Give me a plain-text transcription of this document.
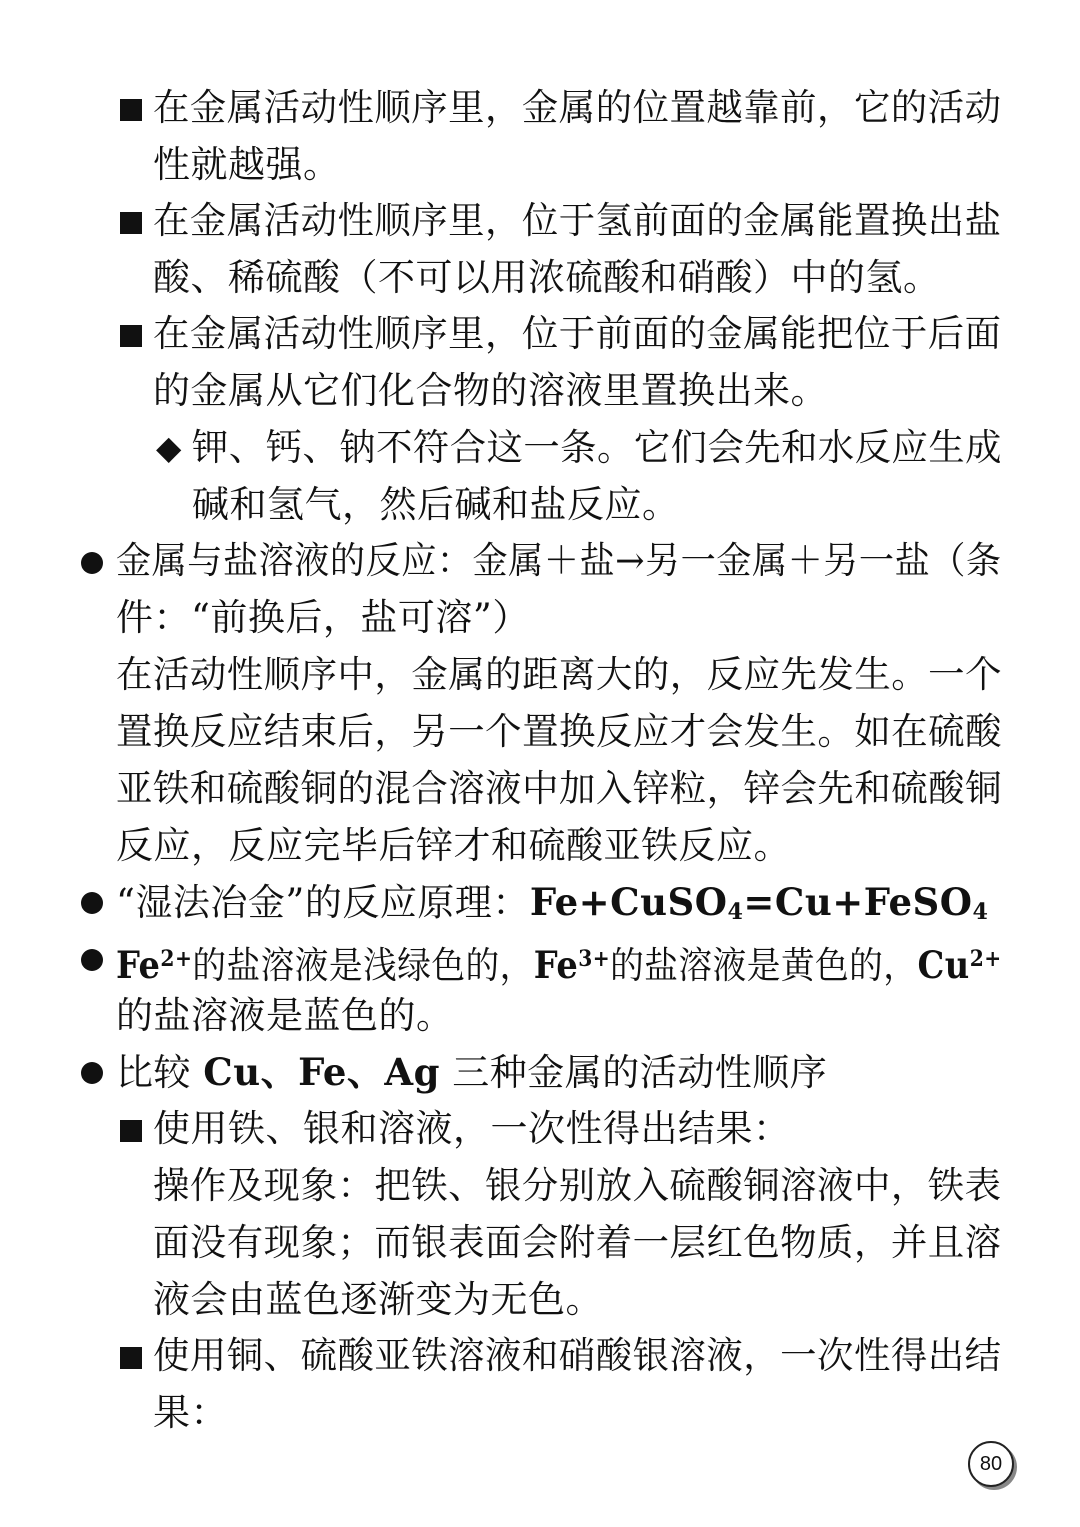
在金属活动性顺序里，金属的位置越靠前，它的活动
性就越强。
在金属活动性顺序里，位于氢前面的金属能置换出盐
酸、稀硫酸（不可以用浓硫酸和硝酸）中的氢。
在金属活动性顺序里，位于前面的金属能把位于后面
的金属从它们化合物的溶液里置换出来。
◆ 钾、钙、钠不符合这一条。它们会先和水反应生成
碱和氢气，然后碱和盐反应。
金属与盐溶液的反应：金属＋盐→另一金属＋另一盐（条
件：“前换后，盐可溶”）
在活动性顺序中，金属的距离大的，反应先发生。一个
置换反应结束后，另一个置换反应才会发生。如在硫酸
亚铁和硫酸铜的混合溶液中加入锌粒，锌会先和硫酸铜
反应，反应完毕后锌才和硫酸亚铁反应。
“湿法冶金”的反应原理：Fe+CuSO$_4$=Cu+FeSO$_4$
$Fe^{2+}$的盐溶液是浅绿色的，$Fe^{3+}$的盐溶液是黄色的，$Cu^{2+}$
的盐溶液是蓝色的。
比较 Cu、Fe、Ag 三种金属的活动性顺序
使用铁、银和溶液，一次性得出结果：
操作及现象：把铁、银分别放入硫酸铜溶液中，铁表
面没有现象；而银表面会附着一层红色物质，并且溶
液会由蓝色逐渐变为无色。
使用铜、硫酸亚铁溶液和硝酸银溶液，一次性得出结
果：
80
